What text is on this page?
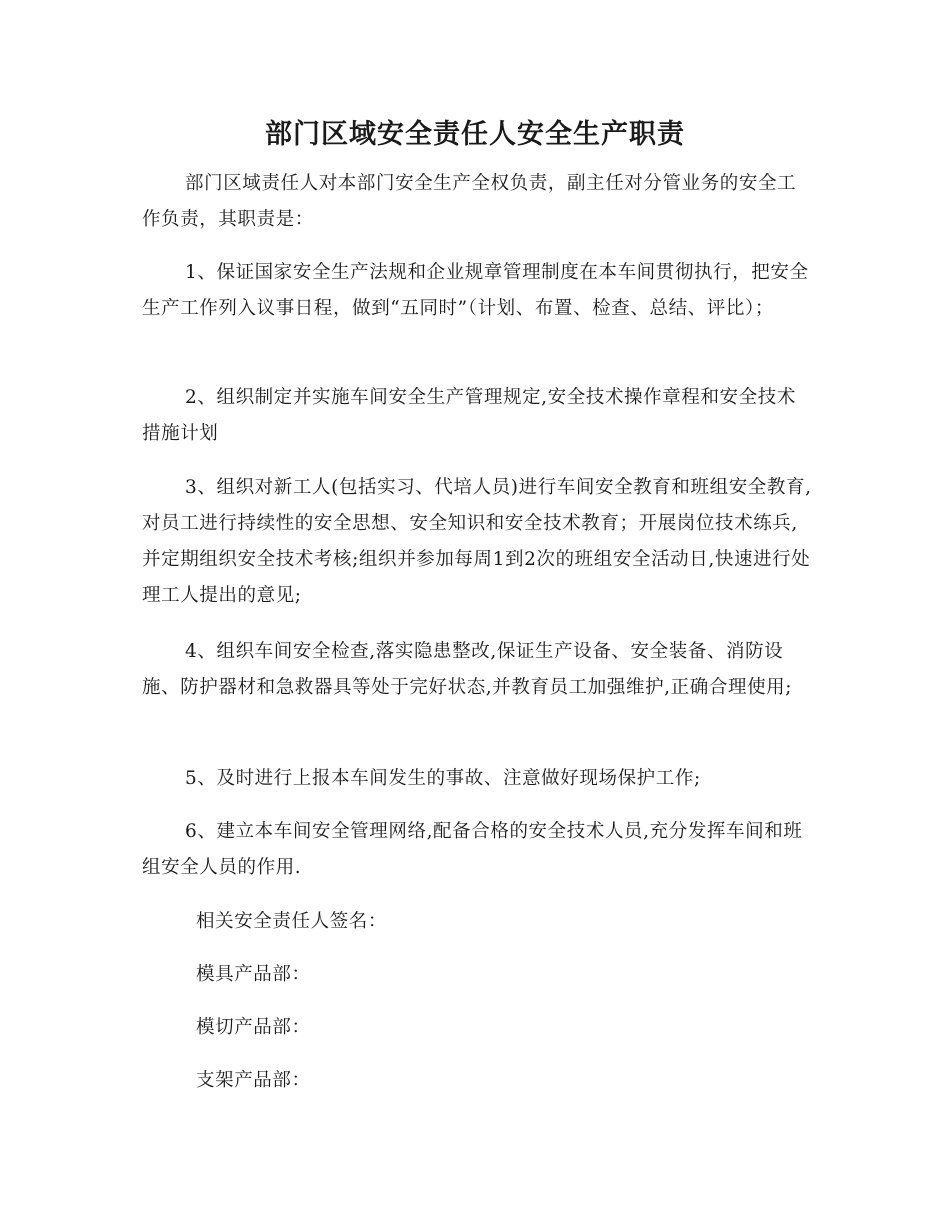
部门区域安全责任人安全生产职责

部门区域责任人对本部门安全生产全权负责，副主任对分管业务的安全工作负责，其职责是：

1、保证国家安全生产法规和企业规章管理制度在本车间贯彻执行，把安全生产工作列入议事日程，做到“五同时”（计划、布置、检查、总结、评比）；

2、组织制定并实施车间安全生产管理规定,安全技术操作章程和安全技术措施计划

3、组织对新工人(包括实习、代培人员)进行车间安全教育和班组安全教育,对员工进行持续性的安全思想、安全知识和安全技术教育；开展岗位技术练兵,并定期组织安全技术考核;组织并参加每周1到2次的班组安全活动日,快速进行处理工人提出的意见;

4、组织车间安全检查,落实隐患整改,保证生产设备、安全装备、消防设施、防护器材和急救器具等处于完好状态,并教育员工加强维护,正确合理使用;

5、及时进行上报本车间发生的事故、注意做好现场保护工作;

6、建立本车间安全管理网络,配备合格的安全技术人员,充分发挥车间和班组安全人员的作用.

相关安全责任人签名：

模具产品部：

模切产品部：

支架产品部：
